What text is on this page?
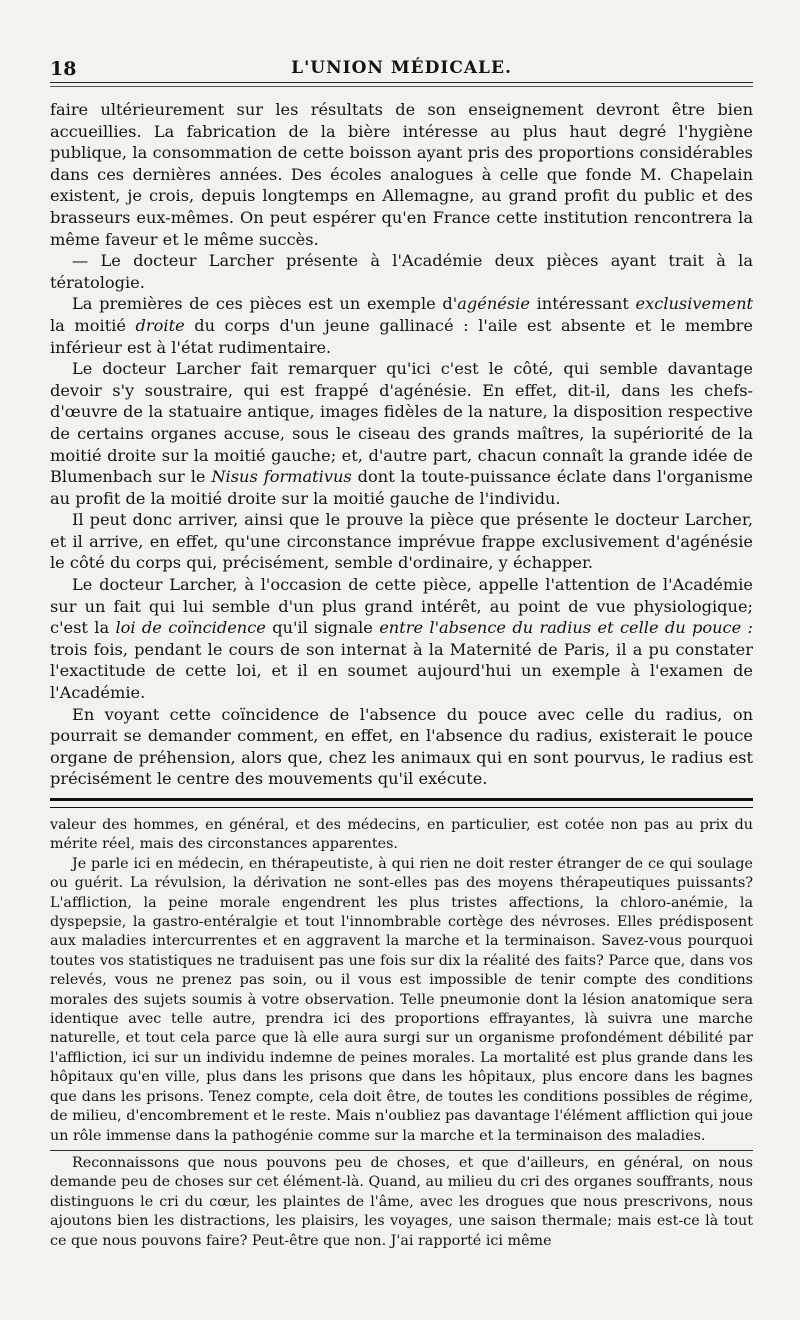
18	L'UNION MÉDICALE.

faire ultérieurement sur les résultats de son enseignement devront être bien accueillies. La fabrication de la bière intéresse au plus haut degré l'hygiène publique, la consommation de cette boisson ayant pris des proportions considérables dans ces dernières années. Des écoles analogues à celle que fonde M. Chapelain existent, je crois, depuis longtemps en Allemagne, au grand profit du public et des brasseurs eux-mêmes. On peut espérer qu'en France cette institution rencontrera la même faveur et le même succès.

— Le docteur Larcher présente à l'Académie deux pièces ayant trait à la tératologie.

La premières de ces pièces est un exemple d'agénésie intéressant exclusivement la moitié droite du corps d'un jeune gallinacé : l'aile est absente et le membre inférieur est à l'état rudimentaire.

Le docteur Larcher fait remarquer qu'ici c'est le côté, qui semble davantage devoir s'y soustraire, qui est frappé d'agénésie. En effet, dit-il, dans les chefs-d'œuvre de la statuaire antique, images fidèles de la nature, la disposition respective de certains organes accuse, sous le ciseau des grands maîtres, la supériorité de la moitié droite sur la moitié gauche; et, d'autre part, chacun connaît la grande idée de Blumenbach sur le Nisus formativus dont la toute-puissance éclate dans l'organisme au profit de la moitié droite sur la moitié gauche de l'individu.

Il peut donc arriver, ainsi que le prouve la pièce que présente le docteur Larcher, et il arrive, en effet, qu'une circonstance imprévue frappe exclusivement d'agénésie le côté du corps qui, précisément, semble d'ordinaire, y échapper.

Le docteur Larcher, à l'occasion de cette pièce, appelle l'attention de l'Académie sur un fait qui lui semble d'un plus grand intérêt, au point de vue physiologique; c'est la loi de coïncidence qu'il signale entre l'absence du radius et celle du pouce : trois fois, pendant le cours de son internat à la Maternité de Paris, il a pu constater l'exactitude de cette loi, et il en soumet aujourd'hui un exemple à l'examen de l'Académie.

En voyant cette coïncidence de l'absence du pouce avec celle du radius, on pourrait se demander comment, en effet, en l'absence du radius, existerait le pouce organe de préhension, alors que, chez les animaux qui en sont pourvus, le radius est précisément le centre des mouvements qu'il exécute.

valeur des hommes, en général, et des médecins, en particulier, est cotée non pas au prix du mérite réel, mais des circonstances apparentes.

Je parle ici en médecin, en thérapeutiste, à qui rien ne doit rester étranger de ce qui soulage ou guérit. La révulsion, la dérivation ne sont-elles pas des moyens thérapeutiques puissants? L'affliction, la peine morale engendrent les plus tristes affections, la chloro-anémie, la dyspepsie, la gastro-entéralgie et tout l'innombrable cortège des névroses. Elles prédisposent aux maladies intercurrentes et en aggravent la marche et la terminaison. Savez-vous pourquoi toutes vos statistiques ne traduisent pas une fois sur dix la réalité des faits? Parce que, dans vos relevés, vous ne prenez pas soin, ou il vous est impossible de tenir compte des conditions morales des sujets soumis à votre observation. Telle pneumonie dont la lésion anatomique sera identique avec telle autre, prendra ici des proportions effrayantes, là suivra une marche naturelle, et tout cela parce que là elle aura surgi sur un organisme profondément débilité par l'affliction, ici sur un individu indemne de peines morales. La mortalité est plus grande dans les hôpitaux qu'en ville, plus dans les prisons que dans les hôpitaux, plus encore dans les bagnes que dans les prisons. Tenez compte, cela doit être, de toutes les conditions possibles de régime, de milieu, d'encombrement et le reste. Mais n'oubliez pas davantage l'élément affliction qui joue un rôle immense dans la pathogénie comme sur la marche et la terminaison des maladies.

Reconnaissons que nous pouvons peu de choses, et que d'ailleurs, en général, on nous demande peu de choses sur cet élément-là. Quand, au milieu du cri des organes souffrants, nous distinguons le cri du cœur, les plaintes de l'âme, avec les drogues que nous prescrivons, nous ajoutons bien les distractions, les plaisirs, les voyages, une saison thermale; mais est-ce là tout ce que nous pouvons faire? Peut-être que non. J'ai rapporté ici même
